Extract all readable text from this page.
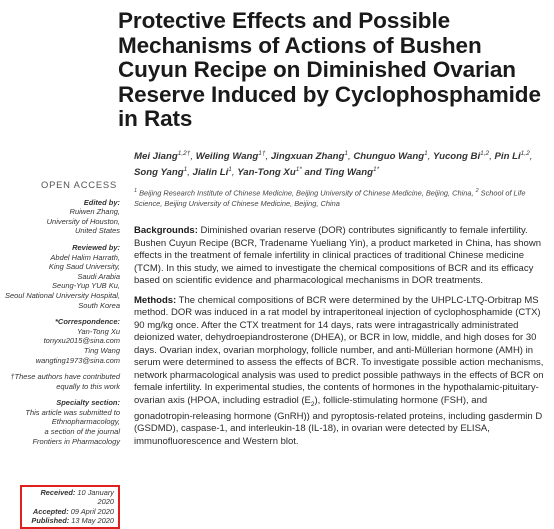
Protective Effects and Possible Mechanisms of Actions of Bushen Cuyun Recipe on Diminished Ovarian Reserve Induced by Cyclophosphamide in Rats
Mei Jiang$^{1,2\dagger}$, Weiling Wang$^{1\dagger}$, Jingxuan Zhang$^1$, Chunguo Wang$^1$, Yucong Bi$^{1,2}$, Pin Li$^{1,2}$, Song Yang$^1$, Jialin Li$^1$, Yan-Tong $Xu^{1*}$ and Ting Wang$^{1*}$
$^1$ Beijing Research Institute of Chinese Medicine, Beijing University of Chinese Medicine, Beijing, China, $^2$ School of Life Science, Beijing University of Chinese Medicine, Beijing, China
OPEN ACCESS
Edited by:
Ruiwen Zhang,
University of Houston,
United States
Reviewed by:
Abdel Halim Harrath,
King Saud University,
Saudi Arabia
Seung-Yup YUB Ku,
Seoul National University Hospital,
South Korea
*Correspondence:
Yan-Tong Xu
tonyxu2015@sina.com
Ting Wang
wangting1973@sina.com
†These authors have contributed
equally to this work
Specialty section:
This article was submitted to
Ethnopharmacology,
a section of the journal
Frontiers in Pharmacology
Received: 10 January 2020
Accepted: 09 April 2020
Published: 13 May 2020

Backgrounds: Diminished ovarian reserve (DOR) contributes significantly to female infertility. Bushen Cuyun Recipe (BCR, Tradename Yueliang Yin), a product marketed in China, has shown effects in the treatment of female infertility in clinical practices of traditional Chinese medicine (TCM). In this study, we aimed to investigate the chemical compositions of BCR and its efficacy based on scientific evidence and pharmacological mechanisms in DOR treatments.

Methods: The chemical compositions of BCR were determined by the UHPLC-LTQ-Orbitrap MS method. DOR was induced in a rat model by intraperitoneal injection of cyclophosphamide (CTX) 90 mg/kg once. After the CTX treatment for 14 days, rats were intragastrically administrated deionized water, dehydroepiandrosterone (DHEA), or BCR in low, middle, and high doses for 30 days. Ovarian index, ovarian morphology, follicle number, and anti-Müllerian hormone (AMH) in serum were determined to assess the effects of BCR. To investigate possible action mechanisms, network pharmacological analysis was used to predict possible pathways in the effects of BCR on female infertility. In experimental studies, the contents of hormones in the hypothalamic-pituitary-ovarian axis (HPOA, including estradiol $(E_2)$, follicle-stimulating hormone (FSH), and gonadotropin-releasing hormone (GnRH)) and pyroptosis-related proteins, including gasdermin D (GSDMD), caspase-1, and interleukin-18 (IL-18), in ovarian were detected by ELISA, immunofluorescence and Western blot.
